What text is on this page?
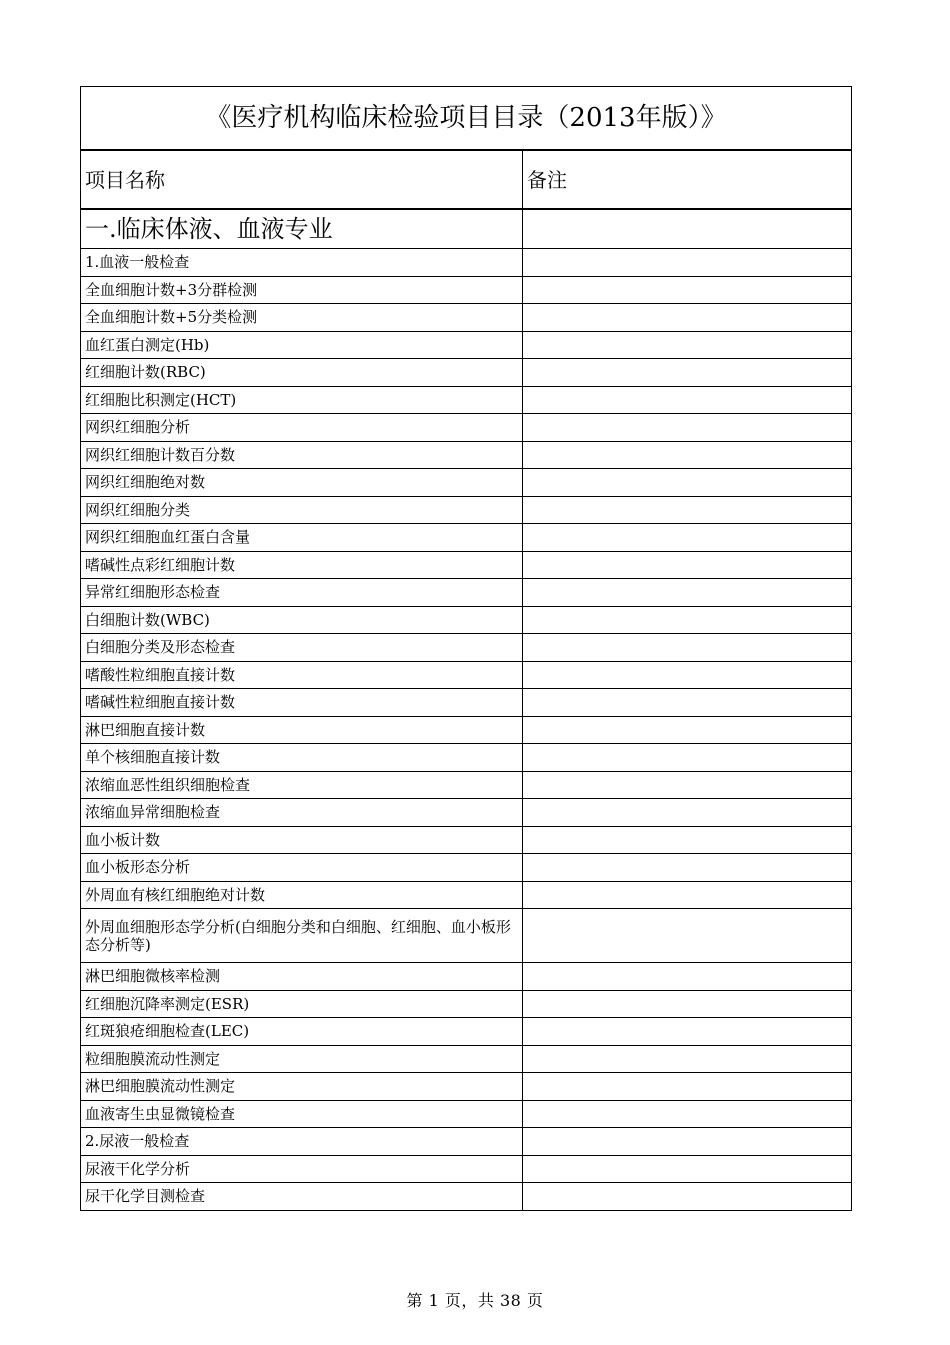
《医疗机构临床检验项目目录（2013年版）》	
项目名称	备注
一.临床体液、血液专业	
1.血液一般检查	
全血细胞计数+3分群检测	
全血细胞计数+5分类检测	
血红蛋白测定(Hb)	
红细胞计数(RBC)	
红细胞比积测定(HCT)	
网织红细胞分析	
网织红细胞计数百分数	
网织红细胞绝对数	
网织红细胞分类	
网织红细胞血红蛋白含量	
嗜碱性点彩红细胞计数	
异常红细胞形态检查	
白细胞计数(WBC)	
白细胞分类及形态检查	
嗜酸性粒细胞直接计数	
嗜碱性粒细胞直接计数	
淋巴细胞直接计数	
单个核细胞直接计数	
浓缩血恶性组织细胞检查	
浓缩血异常细胞检查	
血小板计数	
血小板形态分析	
外周血有核红细胞绝对计数	
外周血细胞形态学分析(白细胞分类和白细胞、红细胞、血小板形态分析等)	
淋巴细胞微核率检测	
红细胞沉降率测定(ESR)	
红斑狼疮细胞检查(LEC)	
粒细胞膜流动性测定	
淋巴细胞膜流动性测定	
血液寄生虫显微镜检查	
2.尿液一般检查	
尿液干化学分析	
尿干化学目测检查	
第 1 页，共 38 页
